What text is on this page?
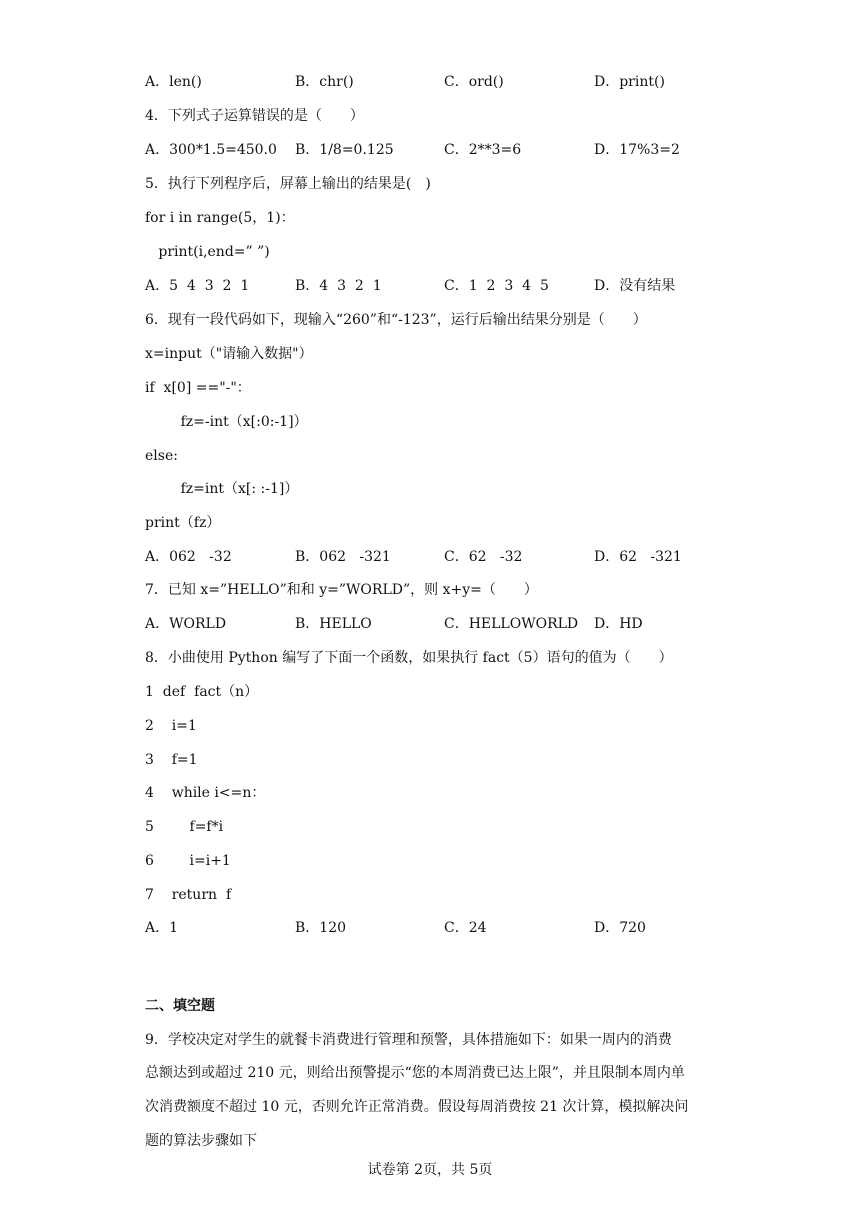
A．len()	B．chr()	C．ord()	D．print()
4．下列式子运算错误的是（　　）
A．300*1.5=450.0 B．1/8=0.125	C．2**3=6	D．17%3=2
5．执行下列程序后，屏幕上输出的结果是(　)
for i in range(5，1)：
print(i,end=” ”)
A．5  4  3  2  1	B．4  3  2  1	C．1  2  3  4  5	D．没有结果
6．现有一段代码如下，现输入“260”和“-123”，运行后输出结果分别是（　　）
x=input（"请输入数据"）
if  x[0] =="-"：
fz=-int（x[:0:-1]）
else:
fz=int（x[: :-1]）
print（fz）
A．062   -32	B．062   -321	C．62   -32	D．62   -321
7．已知 x=”HELLO”和和 y=”WORLD”，则 x+y=（　　）
A．WORLD	B．HELLO	C．HELLOWORLD D．HD
8．小曲使用 Python 编写了下面一个函数，如果执行 fact（5）语句的值为（　　）
1  def  fact（n）
2    i=1
3    f=1
4    while i<=n：
5        f=f*i
6        i=i+1
7    return  f
A．1	B．120	C．24	D．720
二、填空题
9．学校决定对学生的就餐卡消费进行管理和预警，具体措施如下：如果一周内的消费
总额达到或超过 210 元，则给出预警提示“您的本周消费已达上限”，并且限制本周内单
次消费额度不超过 10 元，否则允许正常消费。假设每周消费按 21 次计算，模拟解决问
题的算法步骤如下
试卷第 2页，共 5页
